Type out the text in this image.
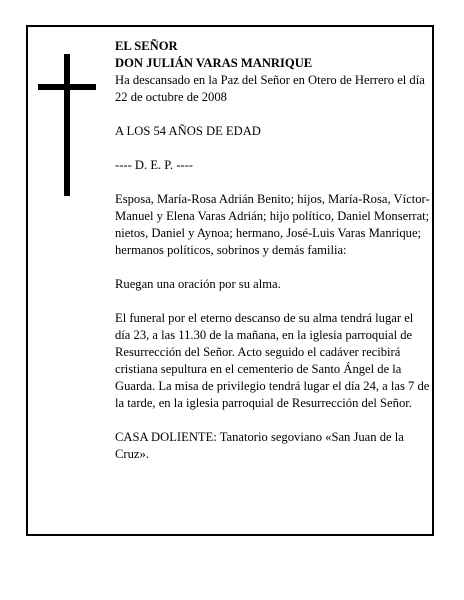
EL SEÑOR

DON JULIÁN VARAS MANRIQUE

Ha descansado en la Paz del Señor en Otero de Herrero el día 22 de octubre de 2008

A LOS 54 AÑOS DE EDAD

---- D. E. P. ----

Esposa, María-Rosa Adrián Benito; hijos, María-Rosa, Víctor-Manuel y Elena Varas Adrián; hijo político, Daniel Monserrat; nietos, Daniel y Aynoa; hermano, José-Luis Varas Manrique; hermanos políticos, sobrinos y demás familia:

Ruegan una oración por su alma.

El funeral por el eterno descanso de su alma tendrá lugar el día 23, a las 11.30 de la mañana, en la iglesia parroquial de Resurrección del Señor. Acto seguido el cadáver recibirá cristiana sepultura en el cementerio de Santo Ángel de la Guarda. La misa de privilegio tendrá lugar el día 24, a las 7 de la tarde, en la iglesia parroquial de Resurrección del Señor.

CASA DOLIENTE: Tanatorio segoviano «San Juan de la Cruz».
